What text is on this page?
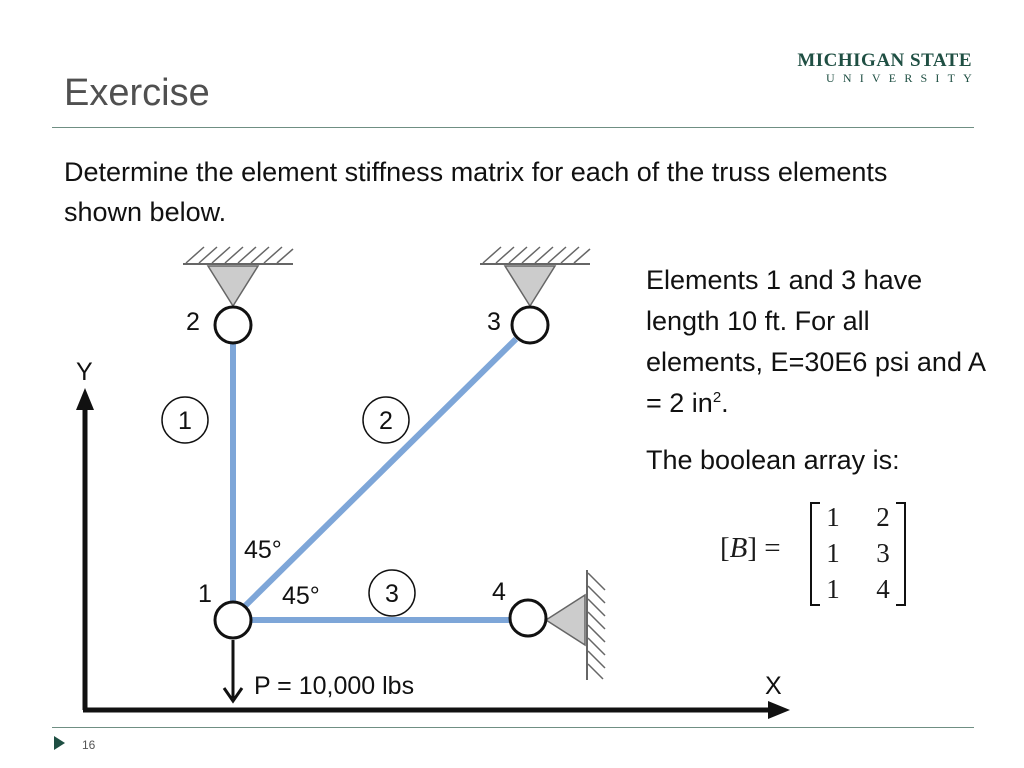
MICHIGAN STATE
UNIVERSITY
Exercise
Determine the element stiffness matrix for each of the truss elements shown below.
1
2	3
4
1	2
3
45°
45°
P = 10,000 lbs
Y
X

Elements 1 and 3 have length 10 ft. For all elements, E=30E6 psi and A = 2 $in^2$.

The boolean array is:

[B] =
1 2
1 3
1 4
16
